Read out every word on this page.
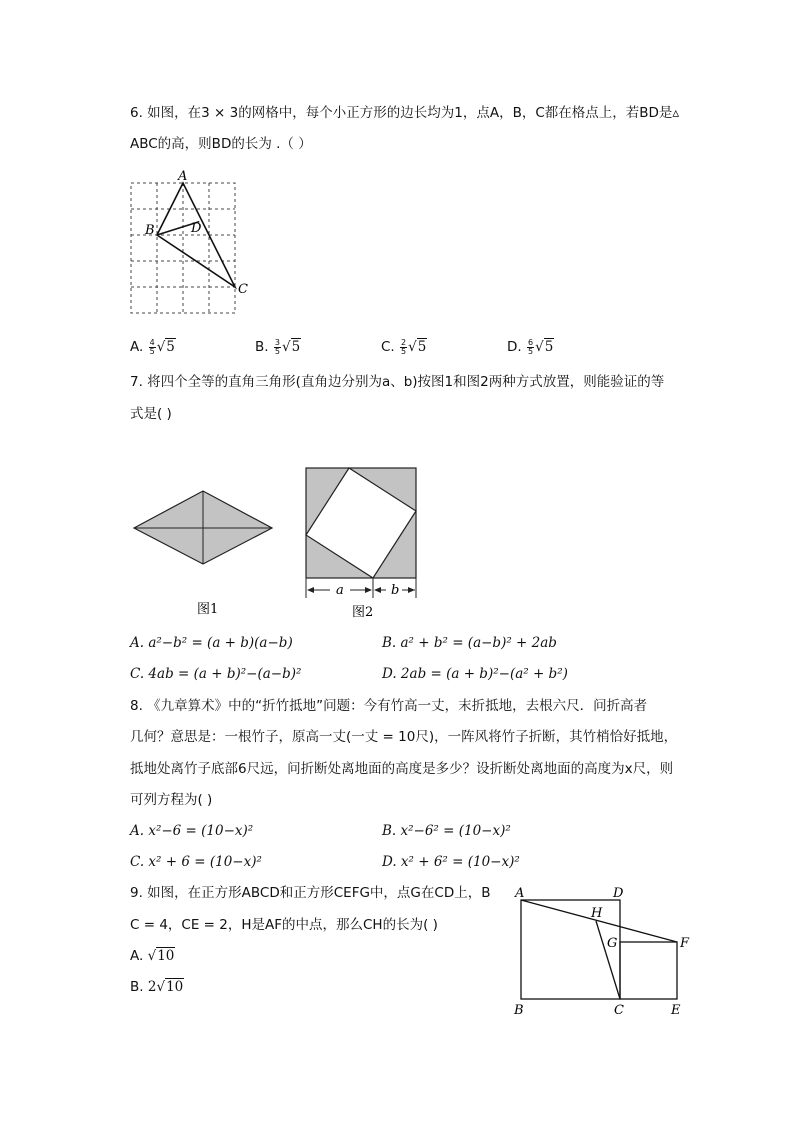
6. 如图，在3 × 3的网格中，每个小正方形的边长均为1，点A，B，C都在格点上，若BD是▵
ABC的高，则BD的长为 .（ ）
A
B
C
D
A. $\frac{4}{5} √5$	B. $\frac{3}{5} √5$	C. $\frac{2}{5} √5$	D. $\frac{6}{5} √5$
7. 将四个全等的直角三角形(直角边分别为a、b)按图1和图2两种方式放置，则能验证的等
式是( )
图1
a	b
图2
A. a²−b² = (a + b)(a−b)	B. a² + b² = (a−b)² + 2ab
C. 4ab = (a + b)²−(a−b)²	D. 2ab = (a + b)²−(a² + b²)
8. 《九章算术》中的“折竹抵地”问题：今有竹高一丈，末折抵地，去根六尺．问折高者
几何？意思是：一根竹子，原高一丈(一丈 = 10尺)，一阵风将竹子折断，其竹梢恰好抵地，
抵地处离竹子底部6尺远，问折断处离地面的高度是多少？设折断处离地面的高度为x尺，则
可列方程为( )
A. x²−6 = (10−x)²	B. x²−6² = (10−x)²
C. x² + 6 = (10−x)²	D. x² + 6² = (10−x)²
9. 如图，在正方形ABCD和正方形CEFG中，点G在CD上，B
C = 4，CE = 2，H是AF的中点，那么CH的长为( )
A. √10
B. 2√10
A	D
H
G	F
B	C	E
